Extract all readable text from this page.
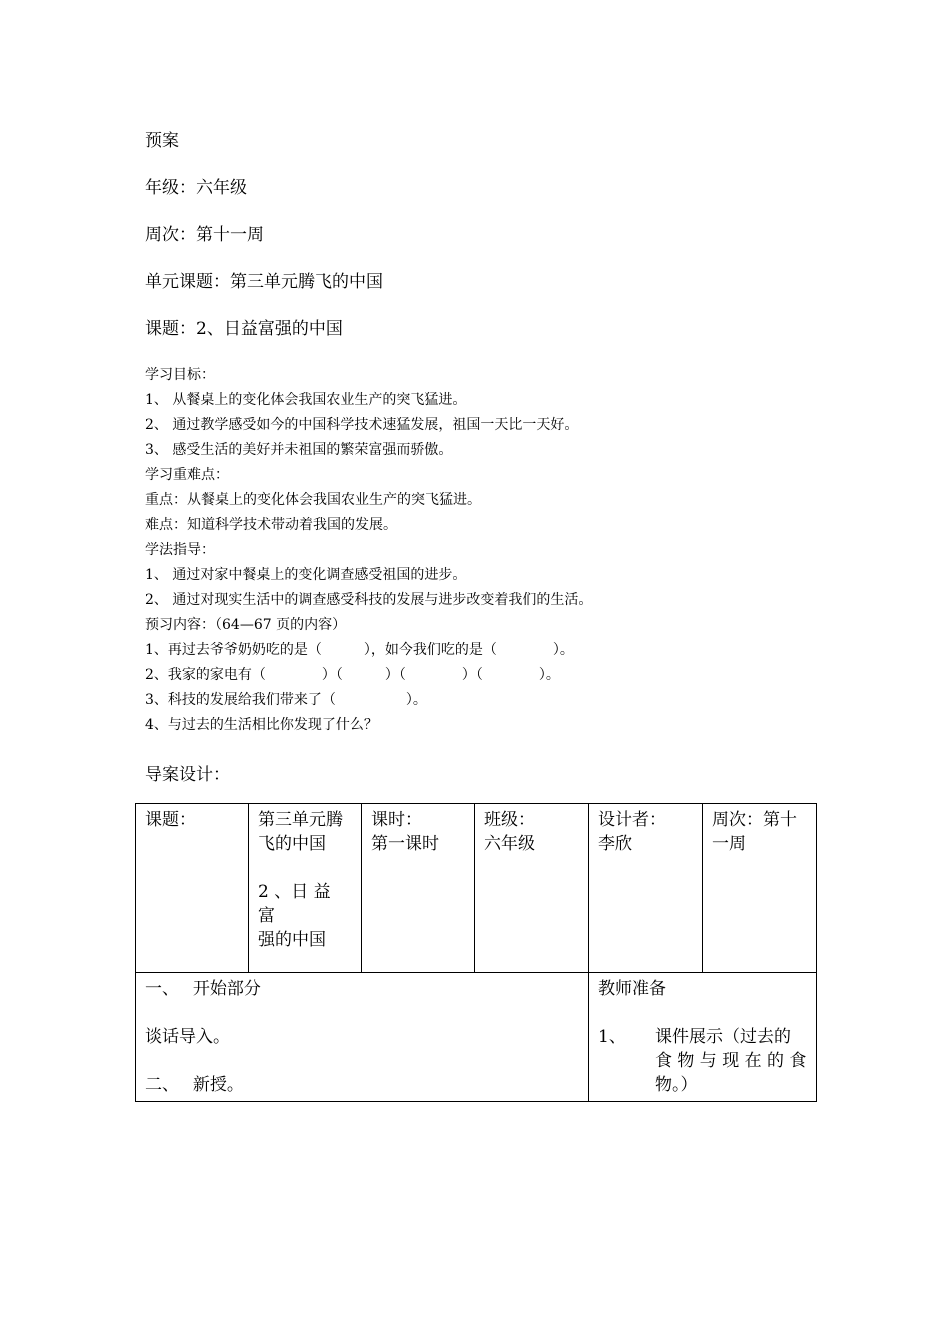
预案
年级：六年级
周次：第十一周
单元课题：第三单元腾飞的中国
课题：2、日益富强的中国
学习目标：
1、 从餐桌上的变化体会我国农业生产的突飞猛进。
2、 通过教学感受如今的中国科学技术速猛发展，祖国一天比一天好。
3、 感受生活的美好并未祖国的繁荣富强而骄傲。
学习重难点：
重点：从餐桌上的变化体会我国农业生产的突飞猛进。
难点：知道科学技术带动着我国的发展。
学法指导：
1、 通过对家中餐桌上的变化调查感受祖国的进步。
2、 通过对现实生活中的调查感受科技的发展与进步改变着我们的生活。
预习内容：（64—67 页的内容）
1、再过去爷爷奶奶吃的是（　　　），如今我们吃的是（　　　　）。
2、我家的家电有（　　　　）（　　　）（　　　　）（　　　　）。
3、科技的发展给我们带来了（　　　　　）。
4、与过去的生活相比你发现了什么？
导案设计：
课题：	第三单元腾
飞的中国
2 、日 益 富
强的中国	课时：
第一课时	班级：
六年级	设计者：
李欣	周次：第十
一周

一、　 开始部分
谈话导入。
二、　 新授。				教师准备
1、 课件展示（过去的
食 物 与 现 在 的 食
物。）	
